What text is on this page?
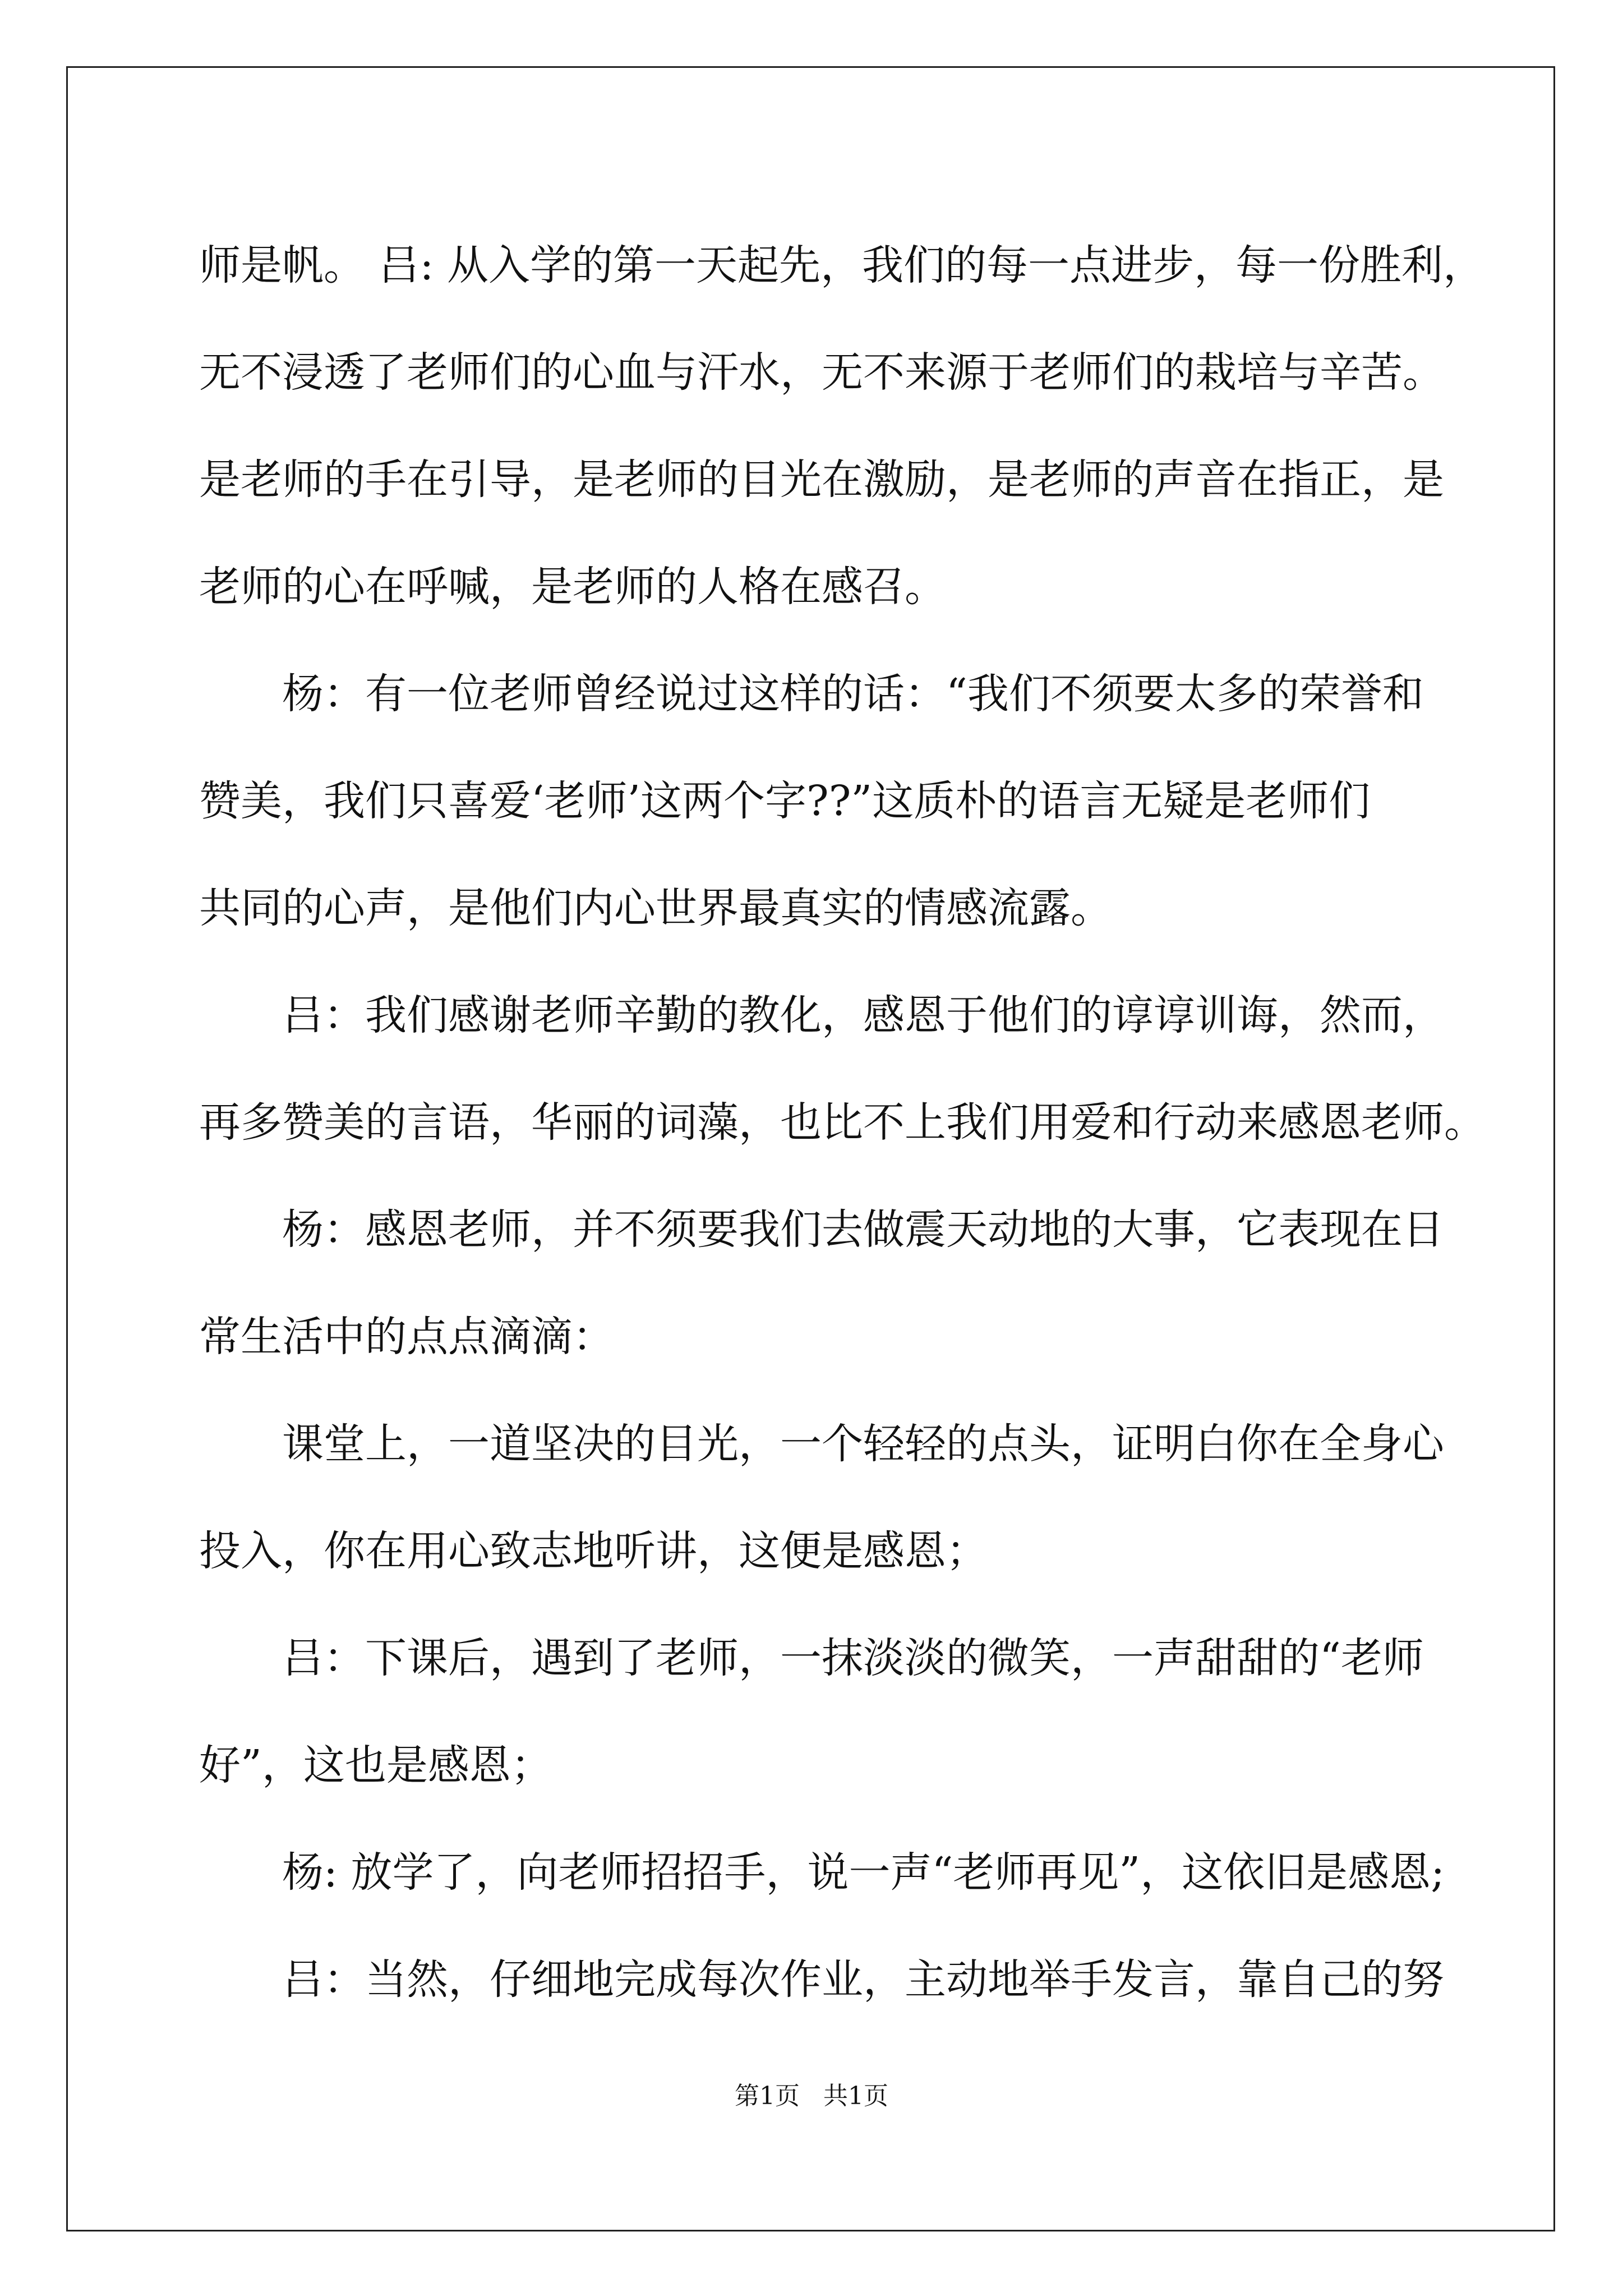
师是帆。 吕: 从入学的第一天起先，我们的每一点进步，每一份胜利，
无不浸透了老师们的心血与汗水，无不来源于老师们的栽培与辛苦。
是老师的手在引导，是老师的目光在激励，是老师的声音在指正，是
老师的心在呼喊，是老师的人格在感召。
杨：有一位老师曾经说过这样的话：“我们不须要太多的荣誉和
赞美，我们只喜爱‘老师’这两个字??”这质朴的语言无疑是老师们
共同的心声，是他们内心世界最真实的情感流露。
吕：我们感谢老师辛勤的教化，感恩于他们的谆谆训诲，然而，
再多赞美的言语，华丽的词藻，也比不上我们用爱和行动来感恩老师。
杨：感恩老师，并不须要我们去做震天动地的大事，它表现在日
常生活中的点点滴滴：
课堂上，一道坚决的目光，一个轻轻的点头，证明白你在全身心
投入，你在用心致志地听讲，这便是感恩；
吕：下课后，遇到了老师，一抹淡淡的微笑，一声甜甜的“老师
好”，这也是感恩；
杨: 放学了，向老师招招手，说一声“老师再见”，这依旧是感恩;
吕：当然，仔细地完成每次作业，主动地举手发言，靠自己的努
第1页   共1页
